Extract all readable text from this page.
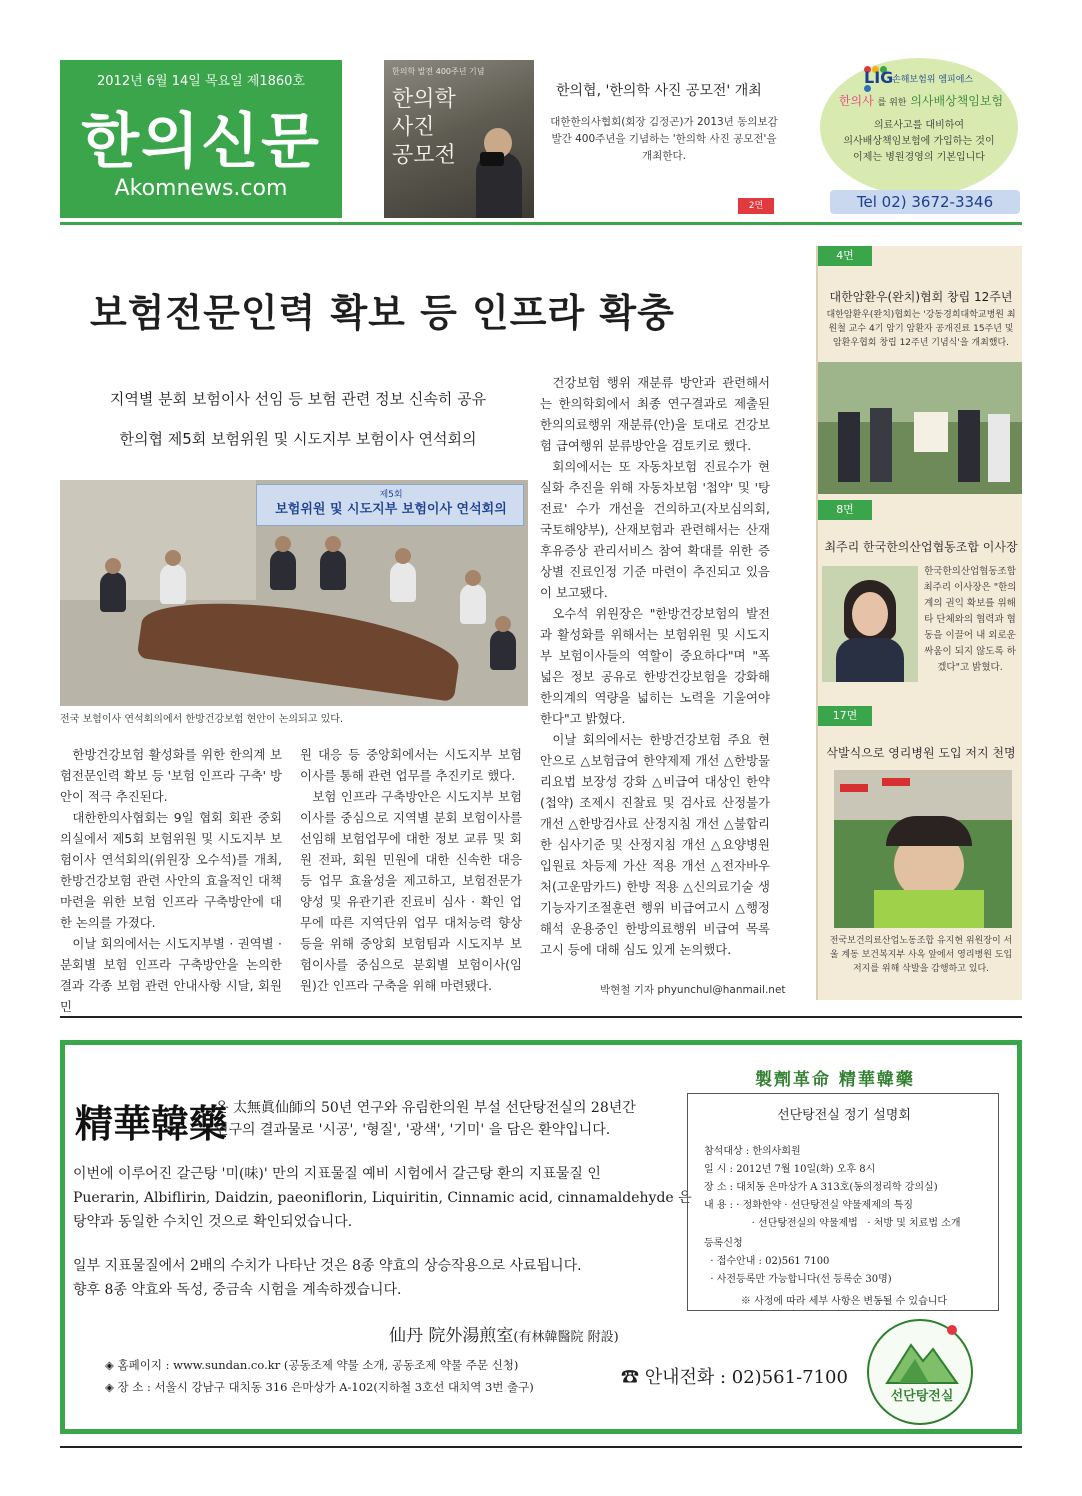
2012년 6월 14일 목요일 제1860호
한의신문
Akomnews.com
한의학 발전 400주년 기념
한의학
사진
공모전
한의협, '한의학 사진 공모전' 개최
대한한의사협회(회장 김정곤)가 2013년 동의보감 발간 400주년을 기념하는 '한의학 사진 공모전'을 개최한다.
2면
LIG
손해보험위 엠피에스
한의사 를 위한 의사배상책임보험
의료사고를 대비하여
의사배상책임보험에 가입하는 것이
이제는 병원경영의 기본입니다
Tel 02) 3672-3346
보험전문인력 확보 등 인프라 확충
지역별 분회 보험이사 선임 등 보험 관련 정보 신속히 공유
한의협 제5회 보험위원 및 시도지부 보험이사 연석회의
제5회
보험위원 및 시도지부 보험이사 연석회의
전국 보험이사 연석회의에서 한방건강보험 현안이 논의되고 있다.

한방건강보험 활성화를 위한 한의계 보험전문인력 확보 등 '보험 인프라 구축' 방안이 적극 추진된다.

대한한의사협회는 9일 협회 회관 중회의실에서 제5회 보험위원 및 시도지부 보험이사 연석회의(위원장 오수석)를 개최, 한방건강보험 관련 사안의 효율적인 대책 마련을 위한 보험 인프라 구축방안에 대한 논의를 가졌다.

이날 회의에서는 시도지부별 · 권역별 · 분회별 보험 인프라 구축방안을 논의한 결과 각종 보험 관련 안내사항 시달, 회원 민

원 대응 등 중앙회에서는 시도지부 보험이사를 통해 관련 업무를 추진키로 했다.

보험 인프라 구축방안은 시도지부 보험이사를 중심으로 지역별 분회 보험이사를 선임해 보험업무에 대한 정보 교류 및 회원 전파, 회원 민원에 대한 신속한 대응 등 업무 효율성을 제고하고, 보험전문가 양성 및 유관기관 진료비 심사 · 확인 업무에 따른 지역단위 업무 대처능력 향상 등을 위해 중앙회 보험팀과 시도지부 보험이사를 중심으로 분회별 보험이사(임원)간 인프라 구축을 위해 마련됐다.

건강보험 행위 재분류 방안과 관련해서는 한의학회에서 최종 연구결과로 제출된 한의의료행위 재분류(안)을 토대로 건강보험 급여행위 분류방안을 검토키로 했다.

회의에서는 또 자동차보험 진료수가 현실화 추진을 위해 자동차보험 '첩약' 및 '탕전료' 수가 개선을 건의하고(자보심의회, 국토해양부), 산재보험과 관련해서는 산재 후유증상 관리서비스 참여 확대를 위한 증상별 진료인정 기준 마련이 추진되고 있음이 보고됐다.

오수석 위원장은 "한방건강보험의 발전과 활성화를 위해서는 보험위원 및 시도지부 보험이사들의 역할이 중요하다"며 "폭넓은 정보 공유로 한방건강보험을 강화해 한의계의 역량을 넓히는 노력을 기울여야 한다"고 밝혔다.

이날 회의에서는 한방건강보험 주요 현안으로 △보험급여 한약제제 개선 △한방물리요법 보장성 강화 △비급여 대상인 한약(첩약) 조제시 진찰료 및 검사료 산정불가 개선 △한방검사료 산정지침 개선 △불합리한 심사기준 및 산정지침 개선 △요양병원 입원료 차등제 가산 적용 개선 △전자바우처(고운맘카드) 한방 적용 △신의료기술 생기능자기조절훈련 행위 비급여고시 △행정해석 운용중인 한방의료행위 비급여 목록고시 등에 대해 심도 있게 논의했다.

박현철 기자 phyunchul@hanmail.net
4면
대한암환우(완치)협회 창립 12주년
대한암환우(완치)협회는 '강동경희대학교병원 최원철 교수 4기 암기 암환자 공개진료 15주년 및 암환우협회 창립 12주년 기념식'을 개최했다.
8면
최주리 한국한의산업협동조합 이사장
한국한의산업협동조합 최주리 이사장은 "한의계의 권익 확보를 위해 타 단체와의 협력과 협동을 이끌어 내 외로운 싸움이 되지 않도록 하겠다"고 밝혔다.
17면
삭발식으로 영리병원 도입 저지 천명
전국보건의료산업노동조합 유지현 위원장이 서울 계동 보건복지부 사옥 앞에서 영리병원 도입 저지를 위해 삭발을 감행하고 있다.
製劑革命 精華韓藥
精華韓藥
은 太無眞仙師의 50년 연구와 유림한의원 부설 선단탕전실의 28년간
연구의 결과물로 '시공', '형질', '광색', '기미' 을 담은 환약입니다.
이번에 이루어진 갈근탕 '미(味)' 만의 지표물질 예비 시험에서 갈근탕 환의 지표물질 인
Puerarin, Albiflirin, Daidzin, paeoniflorin, Liquiritin, Cinnamic acid, cinnamaldehyde 은
탕약과 동일한 수치인 것으로 확인되었습니다.
일부 지표물질에서 2배의 수치가 나타난 것은 8종 약효의 상승작용으로 사료됩니다.
향후 8종 약효와 독성, 중금속 시험을 계속하겠습니다.
선단탕전실 정기 설명회
참석대상 : 한의사회원
일 시 : 2012년 7월 10일(화) 오후 8시
장 소 : 대치동 은마상가 A 313호(동의정리학 강의실)
내 용 : · 정화한약 · 선단탕전실 약물제제의 특징
· 선단탕전실의 약물제법   · 처방 및 치료법 소개
등록신청
· 접수안내 : 02)561 7100
· 사전등록만 가능합니다(선 등록순 30명)
※ 사정에 따라 세부 사항은 변동될 수 있습니다
仙丹 院外湯煎室(有林韓醫院 附設)
◈ 홈페이지 : www.sundan.co.kr (공동조제 약물 소개, 공동조제 약물 주문 신청)
◈ 장 소 : 서울시 강남구 대치동 316 은마상가 A-102(지하철 3호선 대치역 3번 출구)	☎ 안내전화 : 02)561-7100
선단탕전실
